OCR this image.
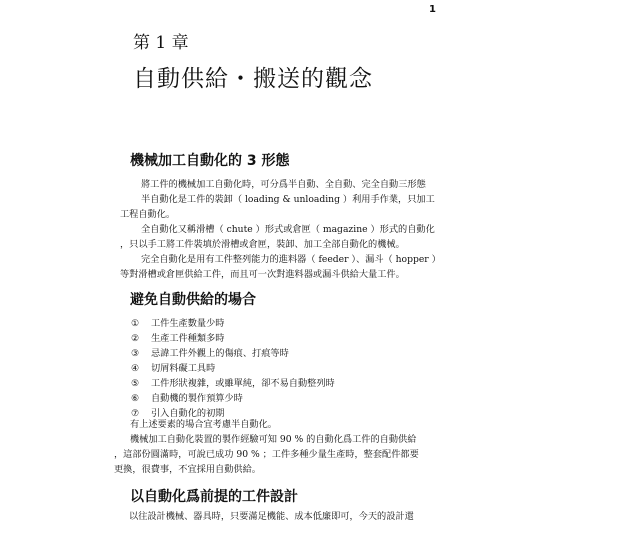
1
第 1 章
自動供給・搬送的觀念
機械加工自動化的 3 形態
將工件的機械加工自動化時，可分爲半自動、全自動、完全自動三形態
半自動化是工件的裝卸（ loading & unloading ）利用手作業，只加工
工程自動化。
全自動化又稱滑槽（ chute ）形式或倉匣（ magazine ）形式的自動化
，只以手工將工件裝填於滑槽或倉匣，裝卸、加工全部自動化的機械。
完全自動化是用有工件整列能力的進料器（ feeder ）、漏斗（ hopper ）
等對滑槽或倉匣供給工件，而且可一次對進料器或漏斗供給大量工件。
避免自動供給的場合
① 工件生產數量少時
② 生產工件種類多時
③ 忌諱工件外觀上的傷痕、打痕等時
④ 切屑料礙工具時
⑤ 工件形狀複雜，或雖單純，卻不易自動整列時
⑥ 自動機的製作預算少時
⑦ 引入自動化的初期
有上述要素的場合宜考慮半自動化。
機械加工自動化裝置的製作經驗可知 90 % 的自動化爲工件的自動供給
，這部份圓滿時，可說已成功 90 % ；工件多種少量生產時，整套配件都要
更換，很費事，不宜採用自動供給。
以自動化爲前提的工件設計
以往設計機械、器具時，只要滿足機能、成本低廉即可，今天的設計還
